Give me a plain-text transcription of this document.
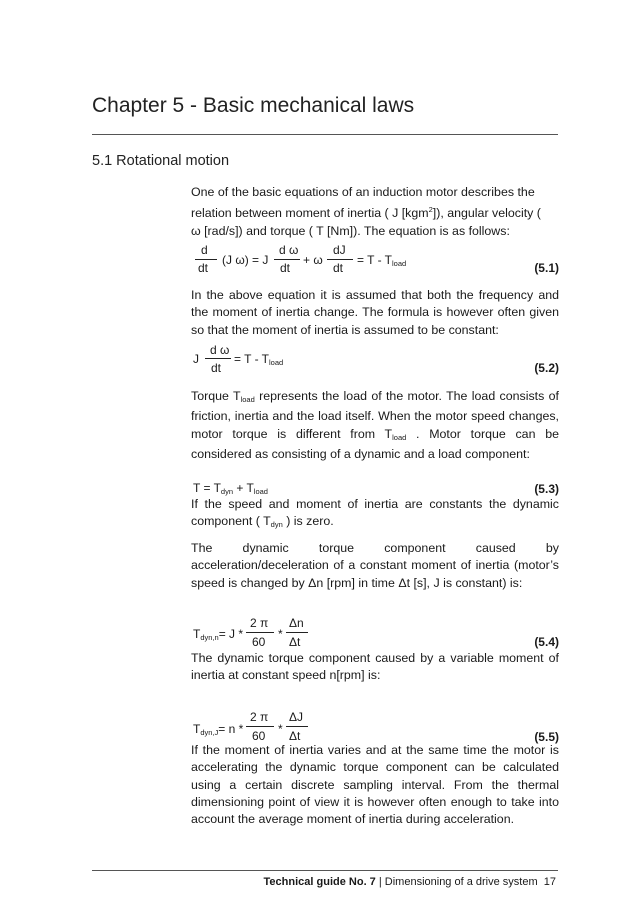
Chapter 5 - Basic mechanical laws
5.1 Rotational motion
One of the basic equations of an induction motor describes the
relation between moment of inertia ( J [kgm$^2$]), angular velocity (
ω [rad/s]) and torque ( T [Nm]). The equation is as follows:
d
dt
(J ω) = J
d ω
dt
+ ω
dJ
dt
= T - $T_{load}$	(5.1)
In the above equation it is assumed that both the frequency and the moment of inertia change. The formula is however often given so that the moment of inertia is assumed to be constant:
J
d ω
dt
= T - $T_{load}$	(5.2)
Torque $T_{load}$ represents the load of the motor. The load consists of friction, inertia and the load itself. When the motor speed changes, motor torque is different from $T_{load}$ . Motor torque can be considered as consisting of a dynamic and a load component:
$T = T_{dyn} + T_{load}$	(5.3)
If the speed and moment of inertia are constants the dynamic component ( $T_{dyn}$ ) is zero.
The dynamic torque component caused by acceleration/deceleration of a constant moment of inertia (motor’s speed is changed by Δn [rpm] in time Δt [s], J is constant) is:
$T_{dyn,n}= J$ *
2 π
60
*
Δn
Δt	(5.4)
The dynamic torque component caused by a variable moment of inertia at constant speed n[rpm] is:
$T_{dyn,J}= n$ *
2 π
60 *
ΔJ
Δt	(5.5)
If the moment of inertia varies and at the same time the motor is accelerating the dynamic torque component can be calculated using a certain discrete sampling interval. From the thermal dimensioning point of view it is however often enough to take into account the average moment of inertia during acceleration.
Technical guide No. 7 | Dimensioning of a drive system 17
